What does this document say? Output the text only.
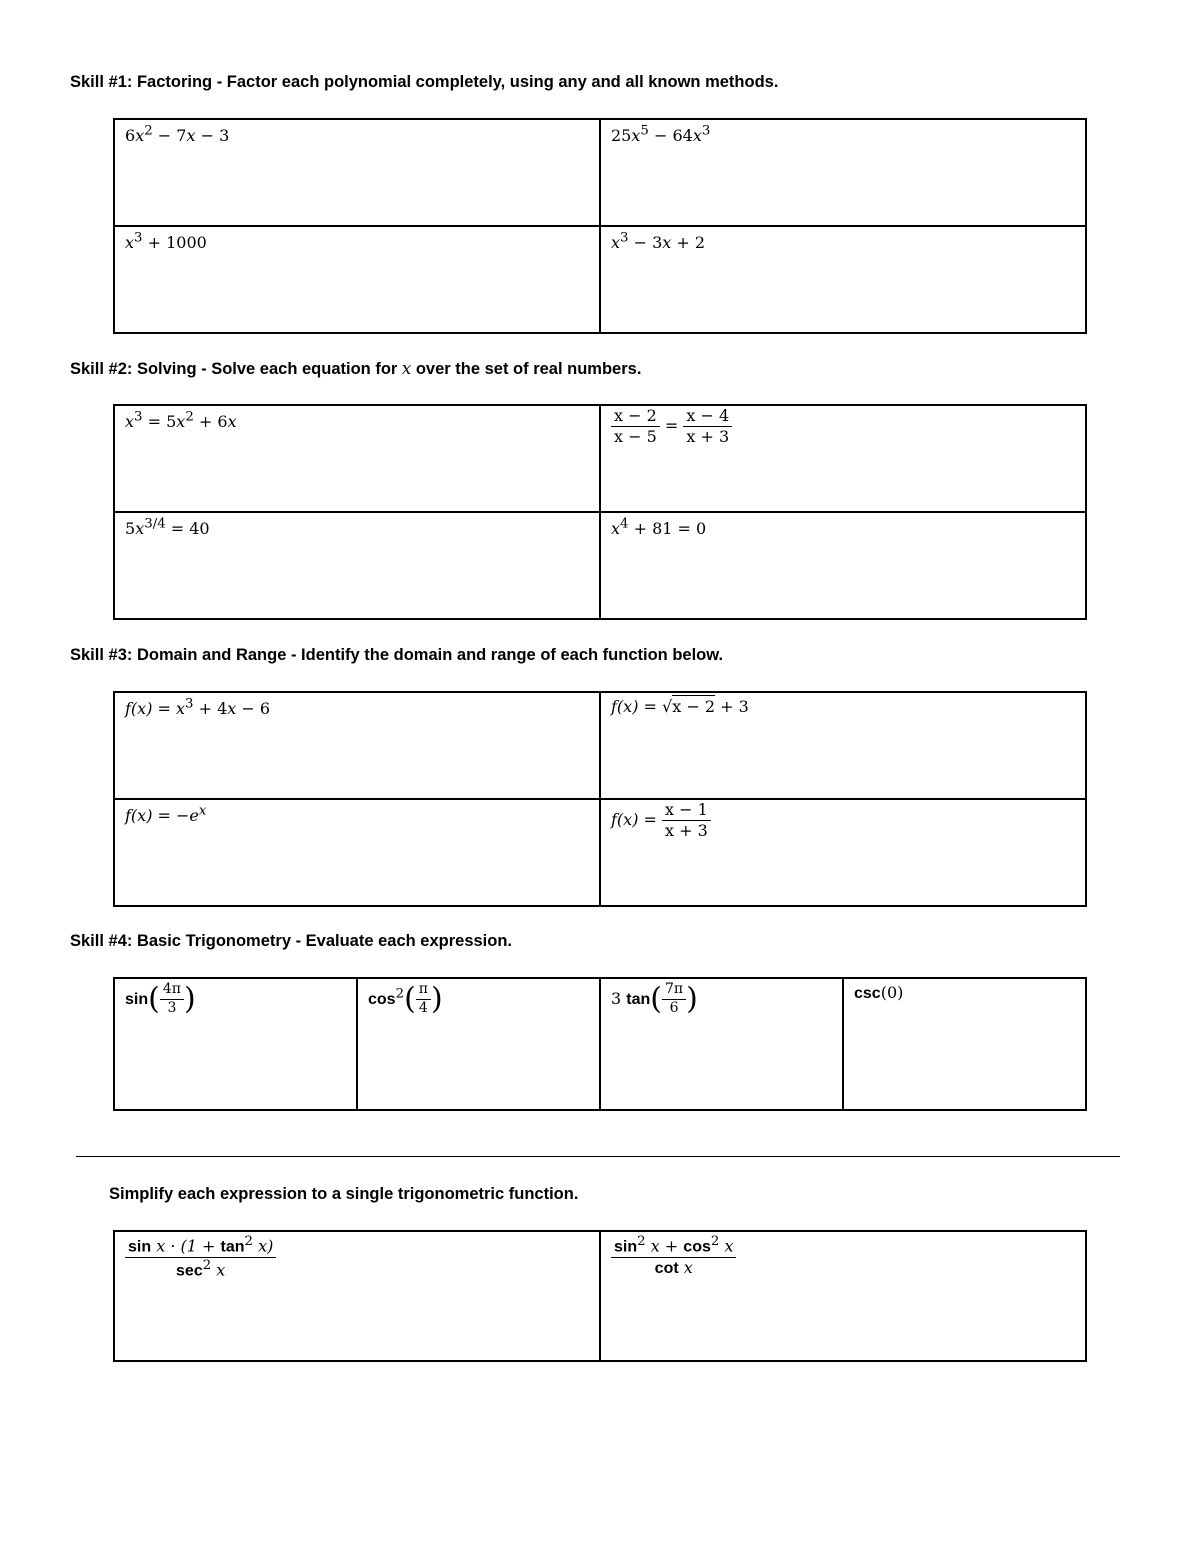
Skill #1: Factoring - Factor each polynomial completely, using any and all known methods.
$6x^2 - 7x - 3$	$25x^5 - 64x^3$
$x^3 + 1000$	$x^3 - 3x + 2$
Skill #2: Solving - Solve each equation for x over the set of real numbers.
$x^3 = 5x^2 + 6x$	$\frac{x - 2}{x - 5} = \frac{x - 4}{x + 3}$
$5x^{3/4} = 40$	$x^4 + 81 = 0$
Skill #3: Domain and Range - Identify the domain and range of each function below.
$f(x) = x^3 + 4x - 6$	f(x) = √x − 2 + 3
$f(x) = -e^x$	$f(x) = \frac{x - 1}{x + 3}$
Skill #4: Basic Trigonometry - Evaluate each expression.
$\sin( \frac{4\pi}{3}$ )	$\cos^2( \frac{\pi}{4}$ )	3 $\tan( \frac{7\pi}{6}$ )	csc(0)
Simplify each expression to a single trigonometric function.
$\frac{\sin x \cdot (1 + \tan^2 x)}{\sec^2 x}$	$\frac{\sin^2 x + \cos^2 x}{\text{cot x}}$
